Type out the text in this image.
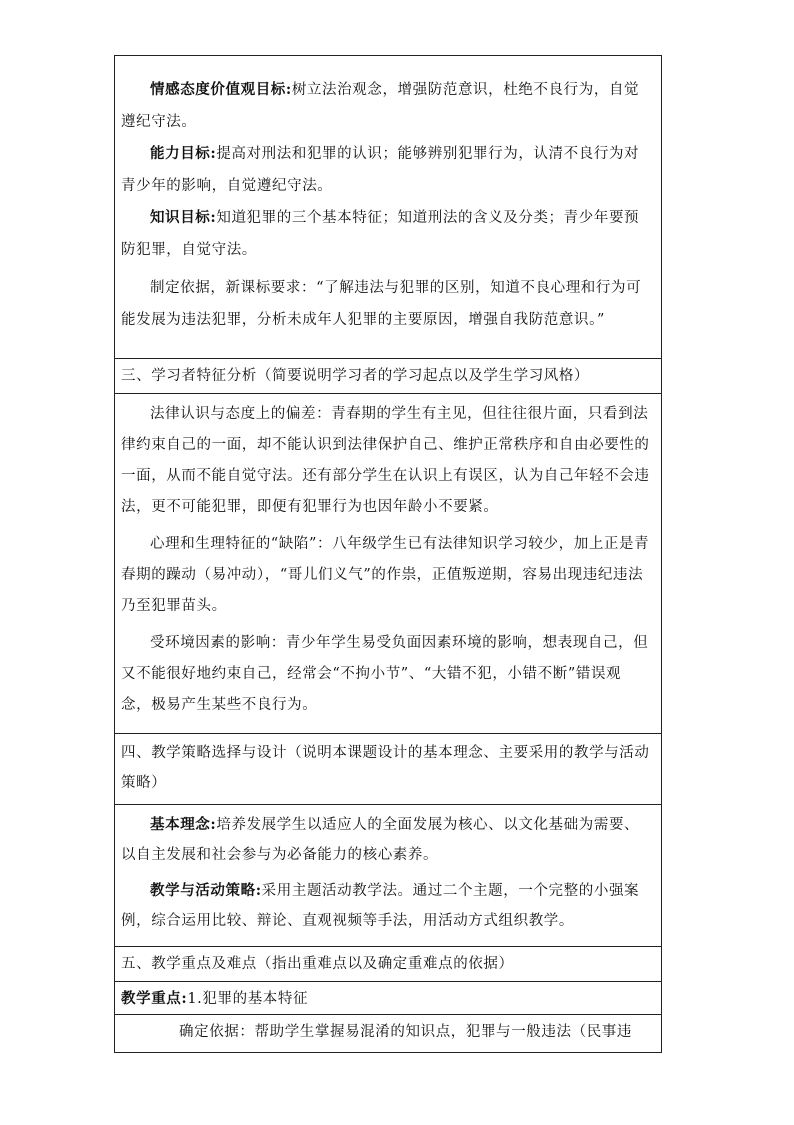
情感态度价值观目标:树立法治观念，增强防范意识，杜绝不良行为，自觉遵纪守法。

能力目标:提高对刑法和犯罪的认识；能够辨别犯罪行为，认清不良行为对青少年的影响，自觉遵纪守法。

知识目标:知道犯罪的三个基本特征；知道刑法的含义及分类；青少年要预防犯罪，自觉守法。

制定依据，新课标要求：“了解违法与犯罪的区别，知道不良心理和行为可能发展为违法犯罪，分析未成年人犯罪的主要原因，增强自我防范意识。”

三、学习者特征分析（简要说明学习者的学习起点以及学生学习风格）

法律认识与态度上的偏差：青春期的学生有主见，但往往很片面，只看到法律约束自己的一面，却不能认识到法律保护自己、维护正常秩序和自由必要性的一面，从而不能自觉守法。还有部分学生在认识上有误区，认为自己年轻不会违法，更不可能犯罪，即便有犯罪行为也因年龄小不要紧。

心理和生理特征的“缺陷”：八年级学生已有法律知识学习较少，加上正是青春期的躁动（易冲动），“哥儿们义气”的作祟，正值叛逆期，容易出现违纪违法乃至犯罪苗头。

受环境因素的影响：青少年学生易受负面因素环境的影响，想表现自己，但又不能很好地约束自己，经常会“不拘小节”、“大错不犯，小错不断”错误观念，极易产生某些不良行为。

四、教学策略选择与设计（说明本课题设计的基本理念、主要采用的教学与活动策略）

基本理念:培养发展学生以适应人的全面发展为核心、以文化基础为需要、以自主发展和社会参与为必备能力的核心素养。

教学与活动策略:采用主题活动教学法。通过二个主题，一个完整的小强案例，综合运用比较、辩论、直观视频等手法，用活动方式组织教学。

五、教学重点及难点（指出重难点以及确定重难点的依据）

教学重点:1.犯罪的基本特征

确定依据：帮助学生掌握易混淆的知识点，犯罪与一般违法（民事违
